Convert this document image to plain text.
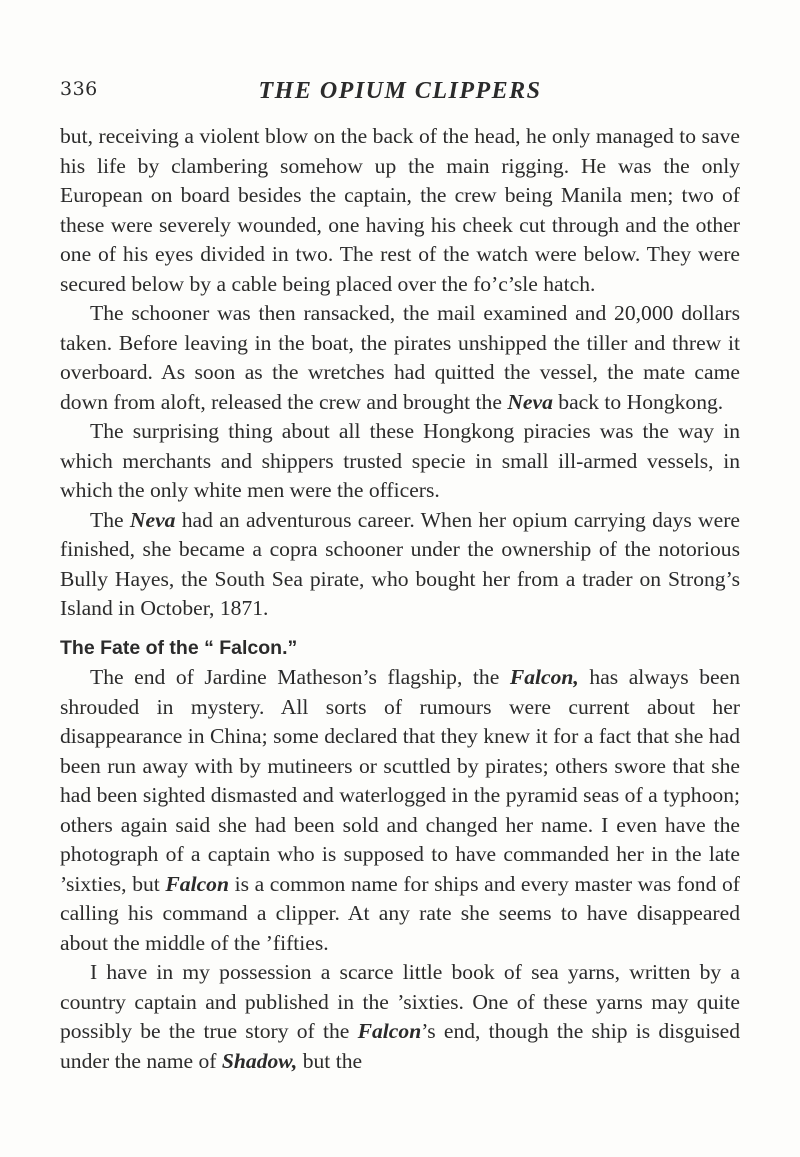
336	THE OPIUM CLIPPERS

but, receiving a violent blow on the back of the head, he only managed to save his life by clambering somehow up the main rigging. He was the only European on board besides the captain, the crew being Manila men; two of these were severely wounded, one having his cheek cut through and the other one of his eyes divided in two. The rest of the watch were below. They were secured below by a cable being placed over the fo’c’sle hatch.

The schooner was then ransacked, the mail examined and 20,000 dollars taken. Before leaving in the boat, the pirates unshipped the tiller and threw it overboard. As soon as the wretches had quitted the vessel, the mate came down from aloft, released the crew and brought the Neva back to Hongkong.

The surprising thing about all these Hongkong piracies was the way in which merchants and shippers trusted specie in small ill-armed vessels, in which the only white men were the officers.

The Neva had an adventurous career. When her opium carrying days were finished, she became a copra schooner under the ownership of the notorious Bully Hayes, the South Sea pirate, who bought her from a trader on Strong’s Island in October, 1871.

The Fate of the “ Falcon.”

The end of Jardine Matheson’s flagship, the Falcon, has always been shrouded in mystery. All sorts of rumours were current about her disappearance in China; some declared that they knew it for a fact that she had been run away with by mutineers or scuttled by pirates; others swore that she had been sighted dismasted and waterlogged in the pyramid seas of a typhoon; others again said she had been sold and changed her name. I even have the photograph of a captain who is supposed to have commanded her in the late ’sixties, but Falcon is a common name for ships and every master was fond of calling his command a clipper. At any rate she seems to have disappeared about the middle of the ’fifties.

I have in my possession a scarce little book of sea yarns, written by a country captain and published in the ’sixties. One of these yarns may quite possibly be the true story of the Falcon’s end, though the ship is disguised under the name of Shadow, but the
